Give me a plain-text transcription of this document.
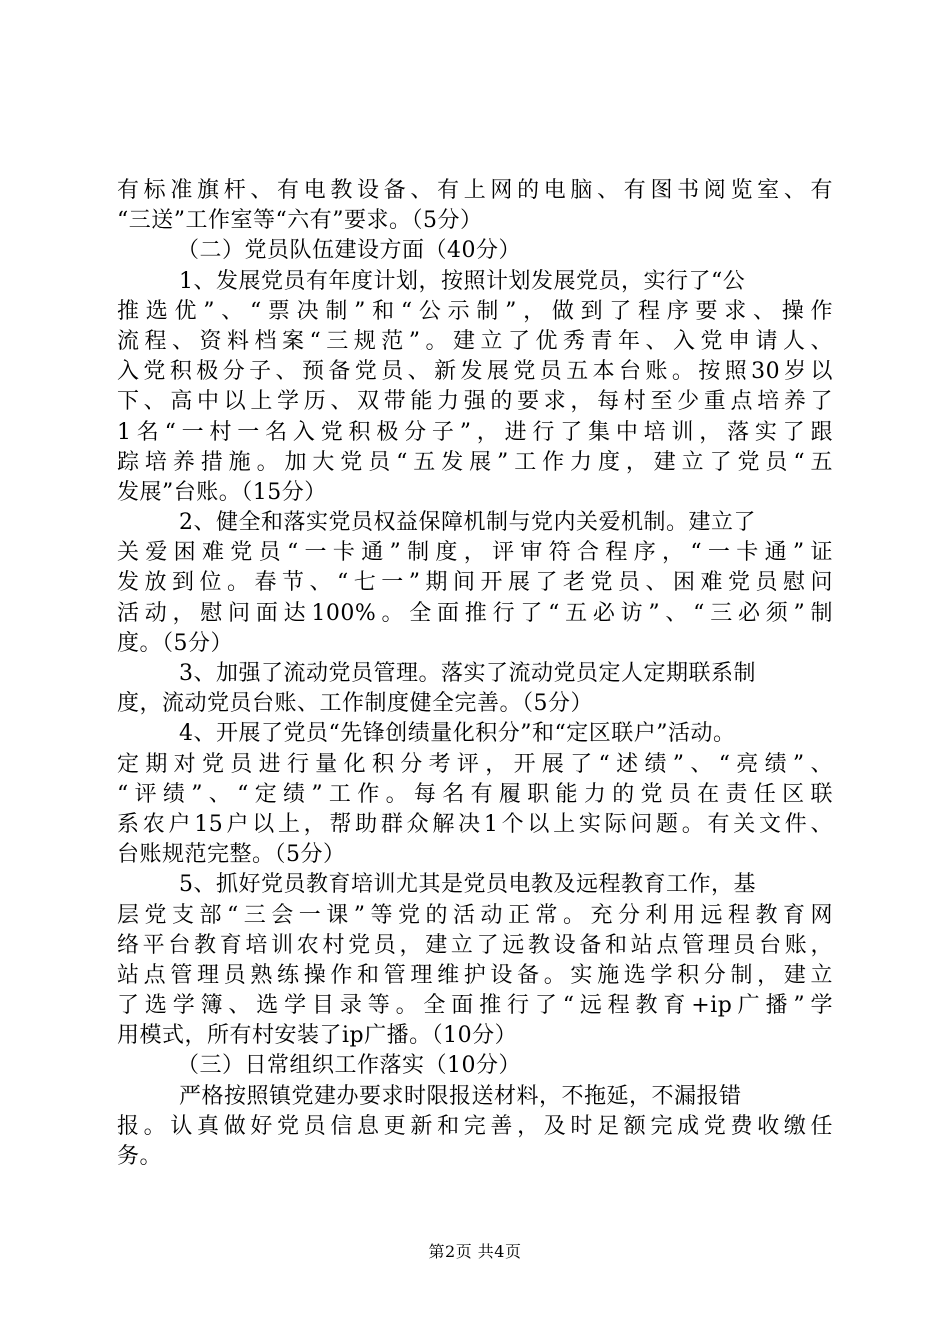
有标准旗杆、有电教设备、有上网的电脑、有图书阅览室、有
“三送”工作室等“六有”要求。（5分）
（二）党员队伍建设方面（40分）
1、发展党员有年度计划，按照计划发展党员，实行了“公
推选优”、“票决制”和“公示制”，做到了程序要求、操作
流程、资料档案“三规范”。建立了优秀青年、入党申请人、
入党积极分子、预备党员、新发展党员五本台账。按照30岁以
下、高中以上学历、双带能力强的要求，每村至少重点培养了
1名“一村一名入党积极分子”，进行了集中培训，落实了跟
踪培养措施。加大党员“五发展”工作力度，建立了党员“五
发展”台账。（15分）
2、健全和落实党员权益保障机制与党内关爱机制。建立了
关爱困难党员“一卡通”制度，评审符合程序，“一卡通”证
发放到位。春节、“七一”期间开展了老党员、困难党员慰问
活动，慰问面达100%。全面推行了“五必访”、“三必须”制
度。（5分）
3、加强了流动党员管理。落实了流动党员定人定期联系制
度，流动党员台账、工作制度健全完善。（5分）
4、开展了党员“先锋创绩量化积分”和“定区联户”活动。
定期对党员进行量化积分考评，开展了“述绩”、“亮绩”、
“评绩”、“定绩”工作。每名有履职能力的党员在责任区联
系农户15户以上，帮助群众解决1个以上实际问题。有关文件、
台账规范完整。（5分）
5、抓好党员教育培训尤其是党员电教及远程教育工作，基
层党支部“三会一课”等党的活动正常。充分利用远程教育网
络平台教育培训农村党员，建立了远教设备和站点管理员台账，
站点管理员熟练操作和管理维护设备。实施选学积分制，建立
了选学簿、选学目录等。全面推行了“远程教育+ip广播”学
用模式，所有村安装了ip广播。（10分）
（三）日常组织工作落实（10分）
严格按照镇党建办要求时限报送材料，不拖延，不漏报错
报。认真做好党员信息更新和完善，及时足额完成党费收缴任
务。
第2页 共4页
